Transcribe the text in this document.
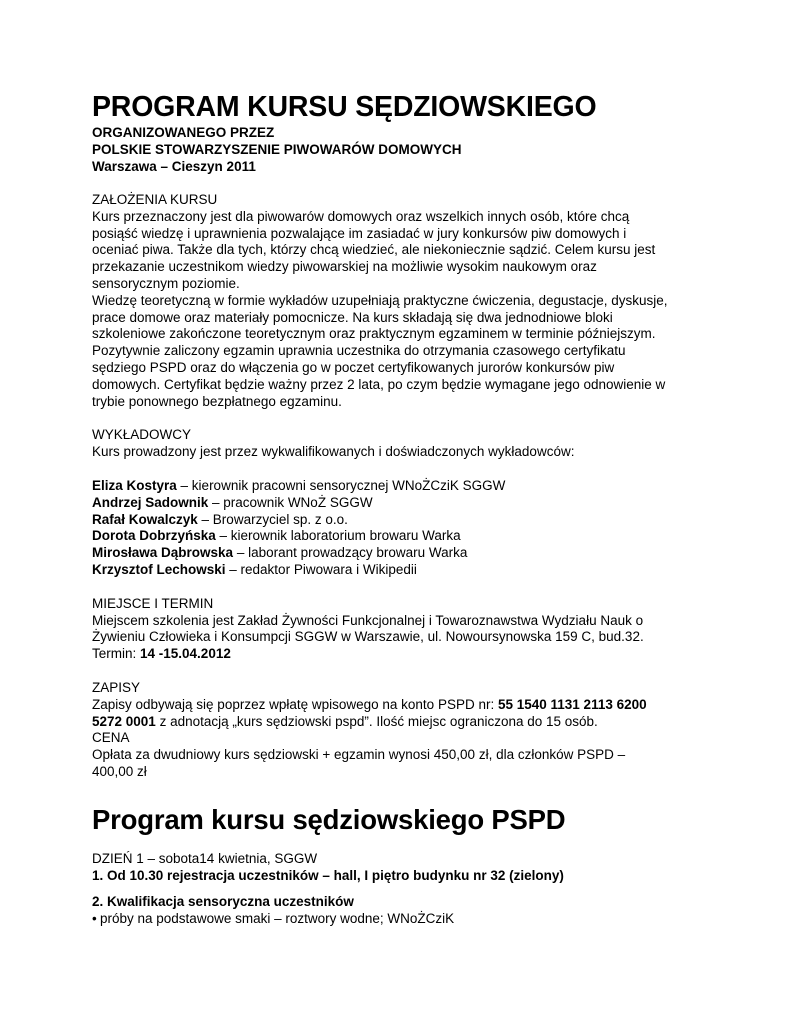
PROGRAM KURSU SĘDZIOWSKIEGO
ORGANIZOWANEGO PRZEZ
POLSKIE STOWARZYSZENIE PIWOWARÓW DOMOWYCH
Warszawa – Cieszyn 2011

ZAŁOŻENIA KURSU

Kurs przeznaczony jest dla piwowarów domowych oraz wszelkich innych osób, które chcą
posiąść wiedzę i uprawnienia pozwalające im zasiadać w jury konkursów piw domowych i
oceniać piwa. Także dla tych, którzy chcą wiedzieć, ale niekoniecznie sądzić. Celem kursu jest
przekazanie uczestnikom wiedzy piwowarskiej na możliwie wysokim naukowym oraz
sensorycznym poziomie.
Wiedzę teoretyczną w formie wykładów uzupełniają praktyczne ćwiczenia, degustacje, dyskusje,
prace domowe oraz materiały pomocnicze. Na kurs składają się dwa jednodniowe bloki
szkoleniowe zakończone teoretycznym oraz praktycznym egzaminem w terminie późniejszym.
Pozytywnie zaliczony egzamin uprawnia uczestnika do otrzymania czasowego certyfikatu
sędziego PSPD oraz do włączenia go w poczet certyfikowanych jurorów konkursów piw
domowych. Certyfikat będzie ważny przez 2 lata, po czym będzie wymagane jego odnowienie w
trybie ponownego bezpłatnego egzaminu.

WYKŁADOWCY

Kurs prowadzony jest przez wykwalifikowanych i doświadczonych wykładowców:

Eliza Kostyra – kierownik pracowni sensorycznej WNoŻCziK SGGW
Andrzej Sadownik – pracownik WNoŻ SGGW
Rafał Kowalczyk – Browarzyciel sp. z o.o.
Dorota Dobrzyńska – kierownik laboratorium browaru Warka
Mirosława Dąbrowska – laborant prowadzący browaru Warka
Krzysztof Lechowski – redaktor Piwowara i Wikipedii

MIEJSCE I TERMIN

Miejscem szkolenia jest Zakład Żywności Funkcjonalnej i Towaroznawstwa Wydziału Nauk o
Żywieniu Człowieka i Konsumpcji SGGW w Warszawie, ul. Nowoursynowska 159 C, bud.32.
Termin: 14 -15.04.2012

ZAPISY

Zapisy odbywają się poprzez wpłatę wpisowego na konto PSPD nr: 55 1540 1131 2113 6200
5272 0001 z adnotacją „kurs sędziowski pspd”. Ilość miejsc ograniczona do 15 osób.

CENA

Opłata za dwudniowy kurs sędziowski + egzamin wynosi 450,00 zł, dla członków PSPD –
400,00 zł
Program kursu sędziowskiego PSPD
DZIEŃ 1 – sobota14 kwietnia, SGGW
1. Od 10.30 rejestracja uczestników – hall, I piętro budynku nr 32 (zielony)
2. Kwalifikacja sensoryczna uczestników
• próby na podstawowe smaki – roztwory wodne; WNoŻCziK
